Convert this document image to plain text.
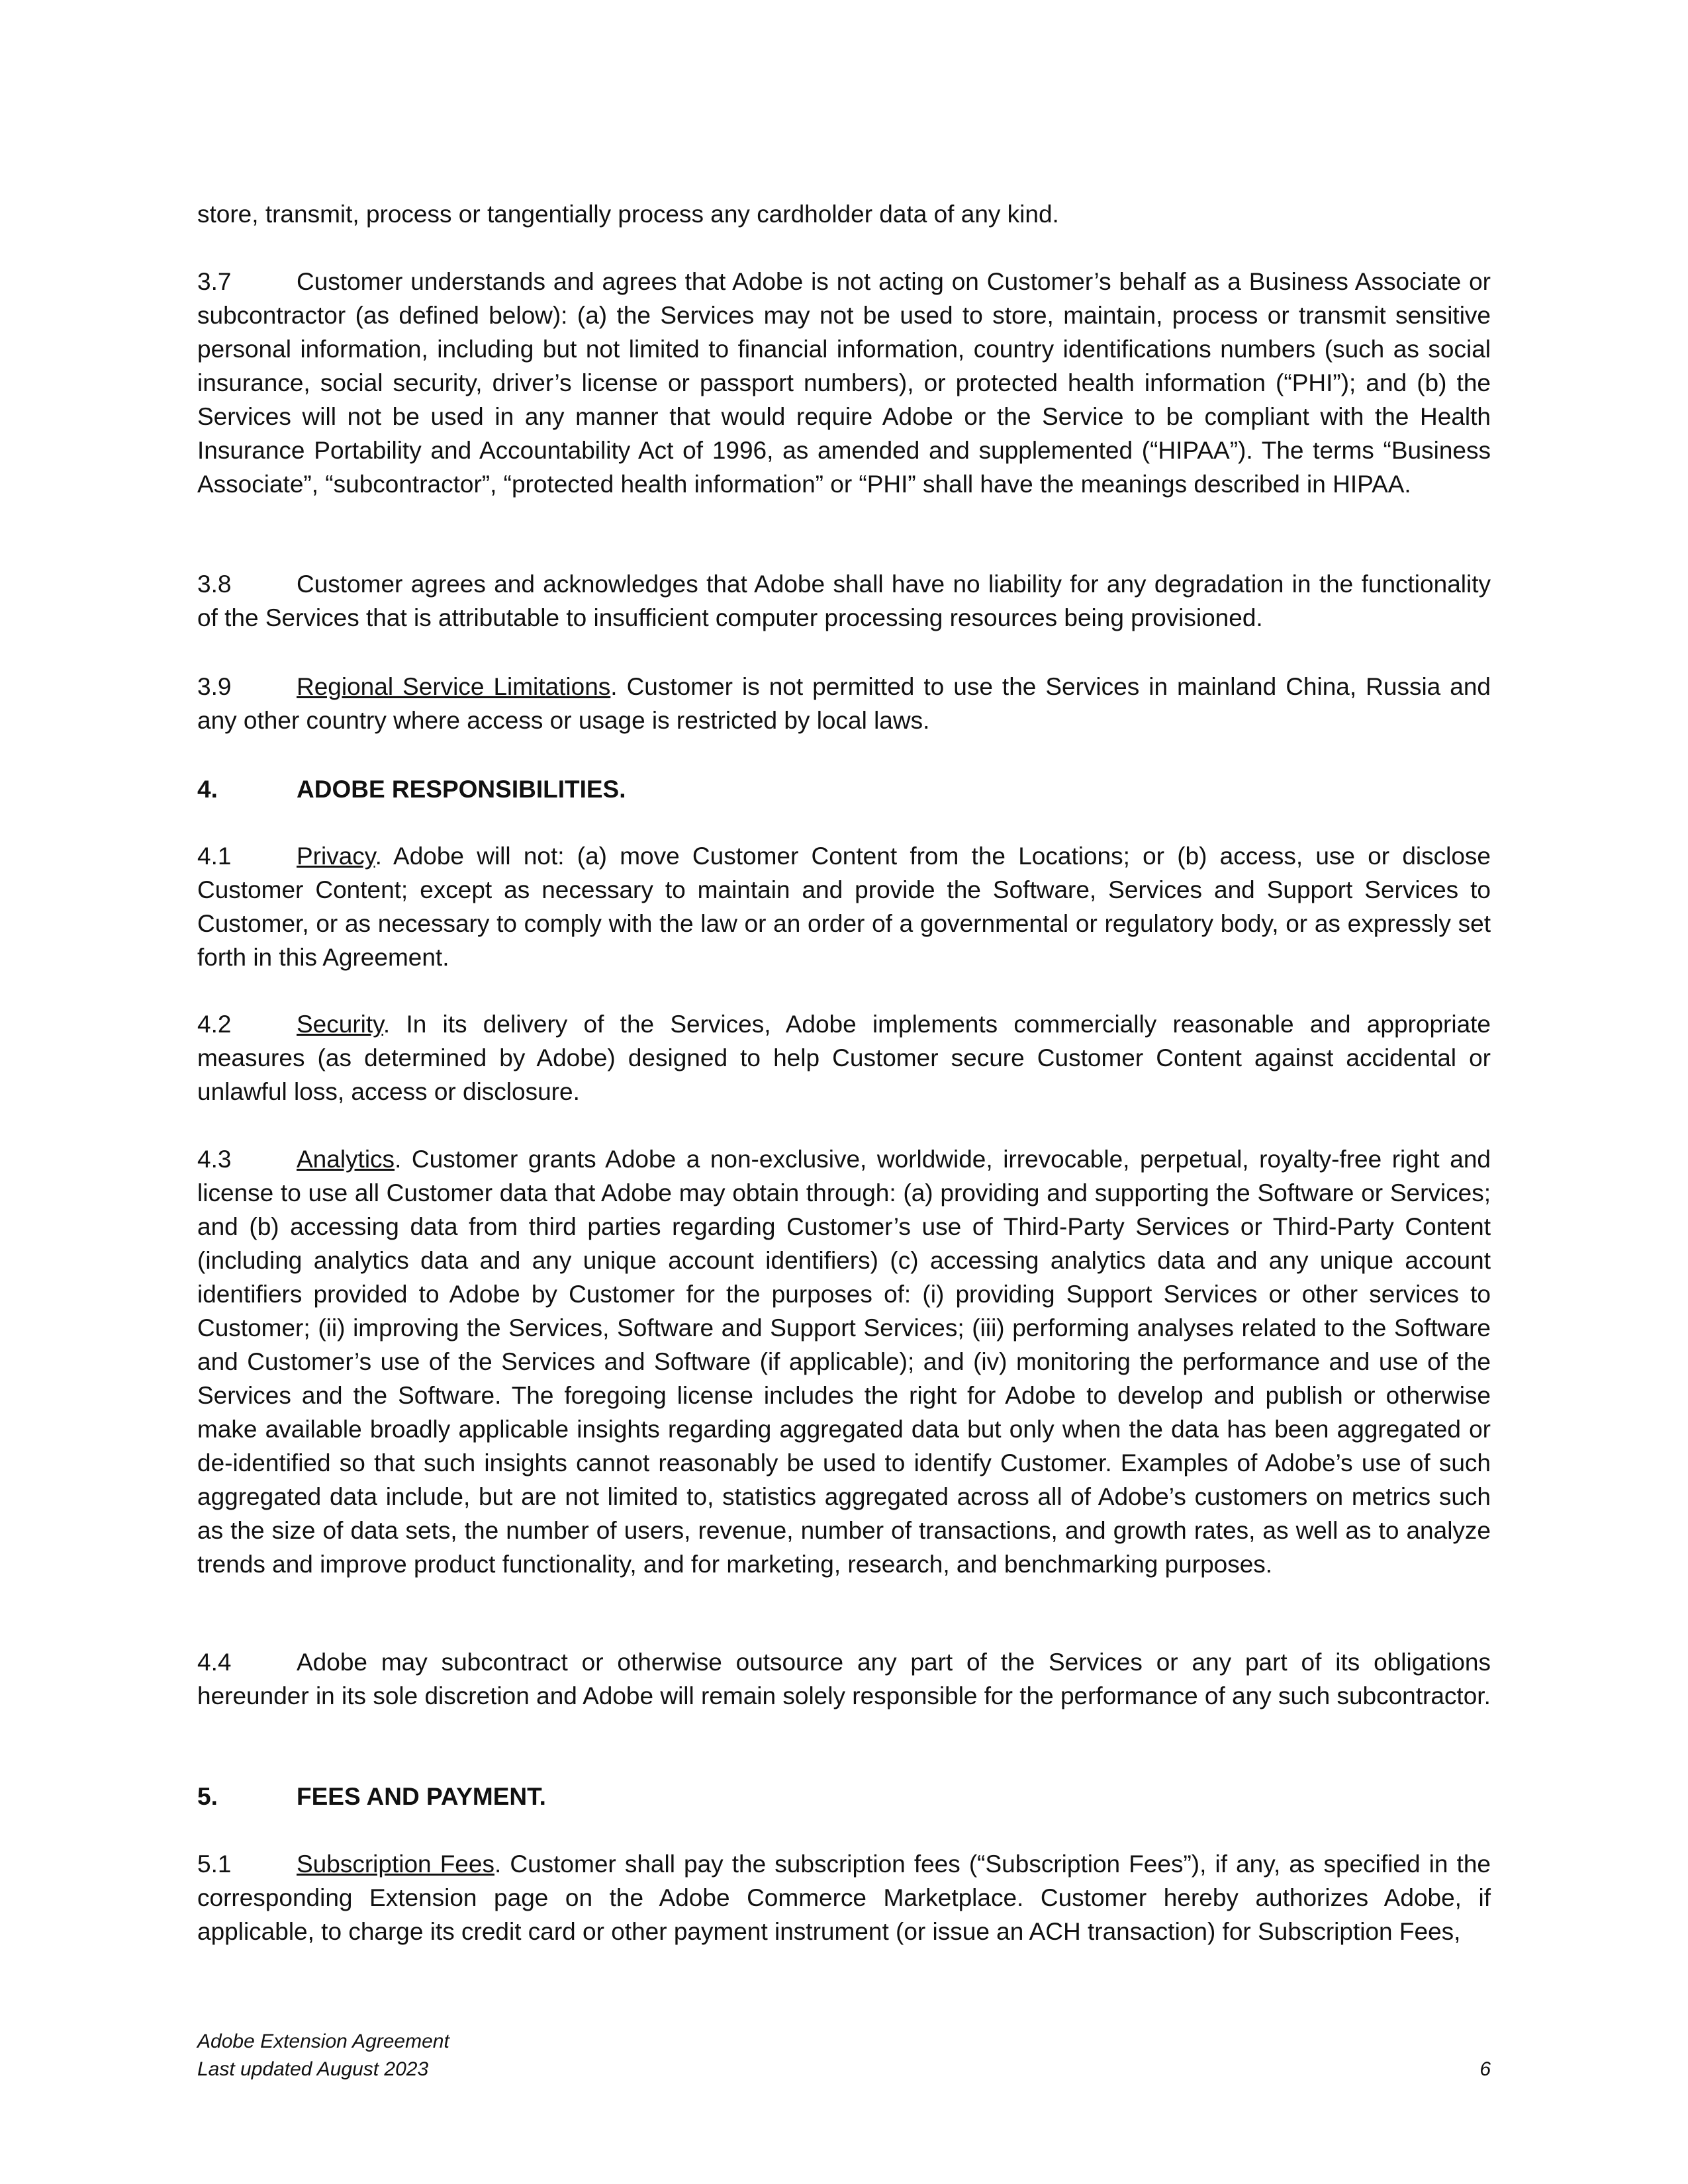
store, transmit, process or tangentially process any cardholder data of any kind.

3.7	Customer understands and agrees that Adobe is not acting on Customer’s behalf as a Business Associate or subcontractor (as defined below): (a) the Services may not be used to store, maintain, process or transmit sensitive personal information, including but not limited to financial information, country identifications numbers (such as social insurance, social security, driver’s license or passport numbers), or protected health information (“PHI”); and (b) the Services will not be used in any manner that would require Adobe or the Service to be compliant with the Health Insurance Portability and Accountability Act of 1996, as amended and supplemented (“HIPAA”). The terms “Business Associate”, “subcontractor”, “protected health information” or “PHI” shall have the meanings described in HIPAA.

3.8	Customer agrees and acknowledges that Adobe shall have no liability for any degradation in the functionality of the Services that is attributable to insufficient computer processing resources being provisioned.

3.9	Regional Service Limitations. Customer is not permitted to use the Services in mainland China, Russia and any other country where access or usage is restricted by local laws.

4.	ADOBE RESPONSIBILITIES.

4.1	Privacy. Adobe will not: (a) move Customer Content from the Locations; or (b) access, use or disclose Customer Content; except as necessary to maintain and provide the Software, Services and Support Services to Customer, or as necessary to comply with the law or an order of a governmental or regulatory body, or as expressly set forth in this Agreement.

4.2	Security. In its delivery of the Services, Adobe implements commercially reasonable and appropriate measures (as determined by Adobe) designed to help Customer secure Customer Content against accidental or unlawful loss, access or disclosure.

4.3	Analytics. Customer grants Adobe a non-exclusive, worldwide, irrevocable, perpetual, royalty-free right and license to use all Customer data that Adobe may obtain through: (a) providing and supporting the Software or Services; and (b) accessing data from third parties regarding Customer’s use of Third-Party Services or Third-Party Content (including analytics data and any unique account identifiers) (c) accessing analytics data and any unique account identifiers provided to Adobe by Customer for the purposes of: (i) providing Support Services or other services to Customer; (ii) improving the Services, Software and Support Services; (iii) performing analyses related to the Software and Customer’s use of the Services and Software (if applicable); and (iv) monitoring the performance and use of the Services and the Software. The foregoing license includes the right for Adobe to develop and publish or otherwise make available broadly applicable insights regarding aggregated data but only when the data has been aggregated or de-identified so that such insights cannot reasonably be used to identify Customer. Examples of Adobe’s use of such aggregated data include, but are not limited to, statistics aggregated across all of Adobe’s customers on metrics such as the size of data sets, the number of users, revenue, number of transactions, and growth rates, as well as to analyze trends and improve product functionality, and for marketing, research, and benchmarking purposes.

4.4	Adobe may subcontract or otherwise outsource any part of the Services or any part of its obligations hereunder in its sole discretion and Adobe will remain solely responsible for the performance of any such subcontractor.

5.	FEES AND PAYMENT.

5.1	Subscription Fees. Customer shall pay the subscription fees (“Subscription Fees”), if any, as specified in the corresponding Extension page on the Adobe Commerce Marketplace. Customer hereby authorizes Adobe, if applicable, to charge its credit card or other payment instrument (or issue an ACH transaction) for Subscription Fees,

Adobe Extension Agreement
Last updated August 2023	6
